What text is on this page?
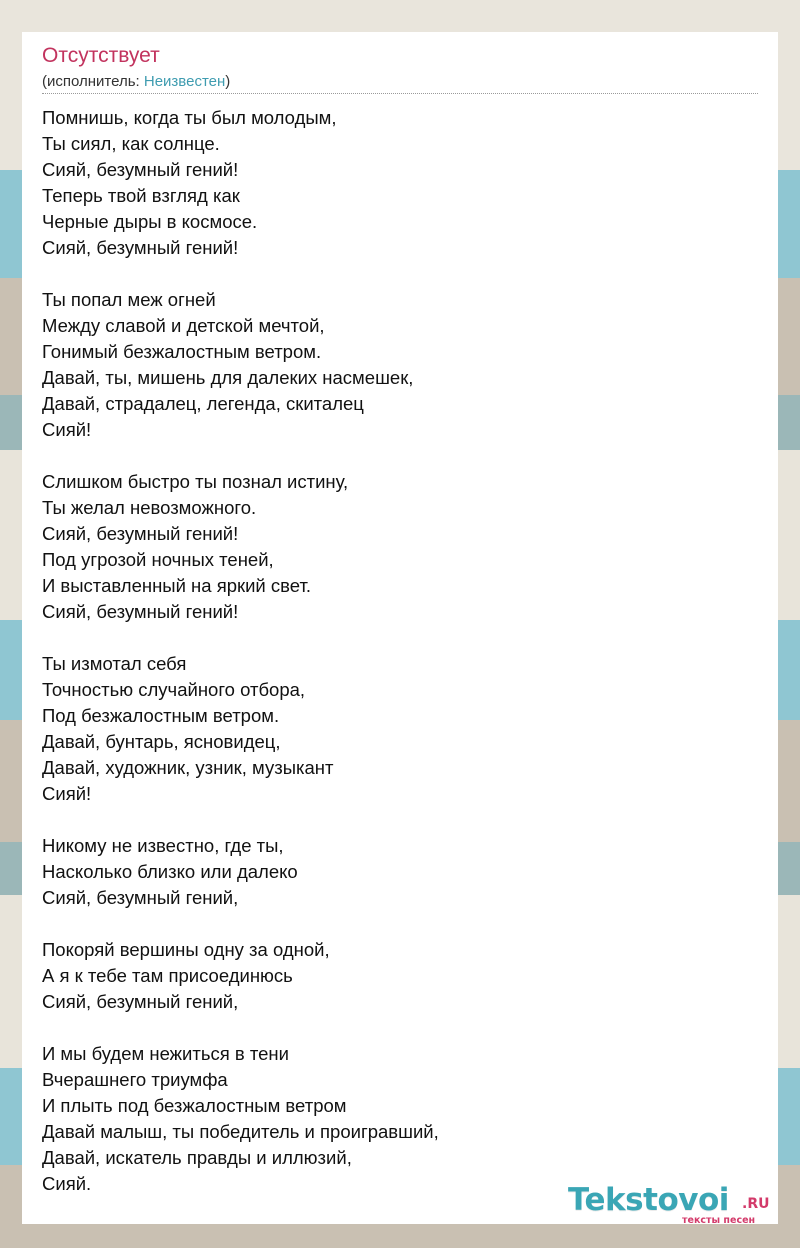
Отсутствует
(исполнитель: Неизвестен)
Помнишь, когда ты был молодым,
Ты сиял, как солнце.
Сияй, безумный гений!
Теперь твой взгляд как
Черные дыры в космосе.
Сияй, безумный гений!
Ты попал меж огней
Между славой и детской мечтой,
Гонимый безжалостным ветром.
Давай, ты, мишень для далеких насмешек,
Давай, страдалец, легенда, скиталец
Сияй!
Слишком быстро ты познал истину,
Ты желал невозможного.
Сияй, безумный гений!
Под угрозой ночных теней,
И выставленный на яркий свет.
Сияй, безумный гений!
Ты измотал себя
Точностью случайного отбора,
Под безжалостным ветром.
Давай, бунтарь, ясновидец,
Давай, художник, узник, музыкант
Сияй!
Никому не известно, где ты,
Насколько близко или далеко
Сияй, безумный гений,
Покоряй вершины одну за одной,
А я к тебе там присоединюсь
Сияй, безумный гений,
И мы будем нежиться в тени
Вчерашнего триумфа
И плыть под безжалостным ветром
Давай малыш, ты победитель и проигравший,
Давай, искатель правды и иллюзий,
Сияй.	Tekstovoi .RU
тексты песен
